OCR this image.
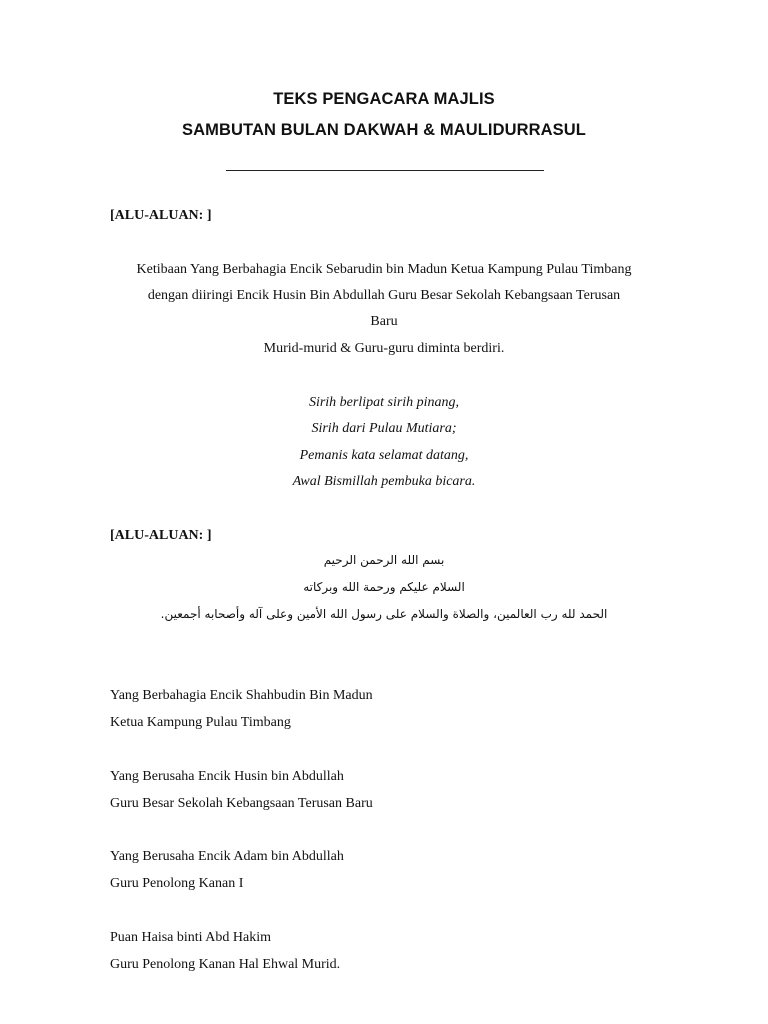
TEKS PENGACARA MAJLIS
SAMBUTAN BULAN DAKWAH & MAULIDURRASUL
[ALU-ALUAN: ]
Ketibaan Yang Berbahagia Encik Sebarudin bin Madun Ketua Kampung Pulau Timbang
dengan diiringi Encik Husin Bin Abdullah Guru Besar Sekolah Kebangsaan Terusan
Baru
Murid-murid & Guru-guru diminta berdiri.
Sirih berlipat sirih pinang,
Sirih dari Pulau Mutiara;
Pemanis kata selamat datang,
Awal Bismillah pembuka bicara.
[ALU-ALUAN: ]
بسم الله الرحمن الرحيم
السلام عليكم ورحمة الله وبركاته
الحمد لله رب العالمين، والصلاة والسلام على رسول الله الأمين وعلى آله وأصحابه أجمعين.
Yang Berbahagia Encik Shahbudin Bin Madun
Ketua Kampung Pulau Timbang
Yang Berusaha Encik Husin bin Abdullah
Guru Besar Sekolah Kebangsaan Terusan Baru
Yang Berusaha Encik Adam bin Abdullah
Guru Penolong Kanan I
Puan Haisa binti Abd Hakim
Guru Penolong Kanan Hal Ehwal Murid.
